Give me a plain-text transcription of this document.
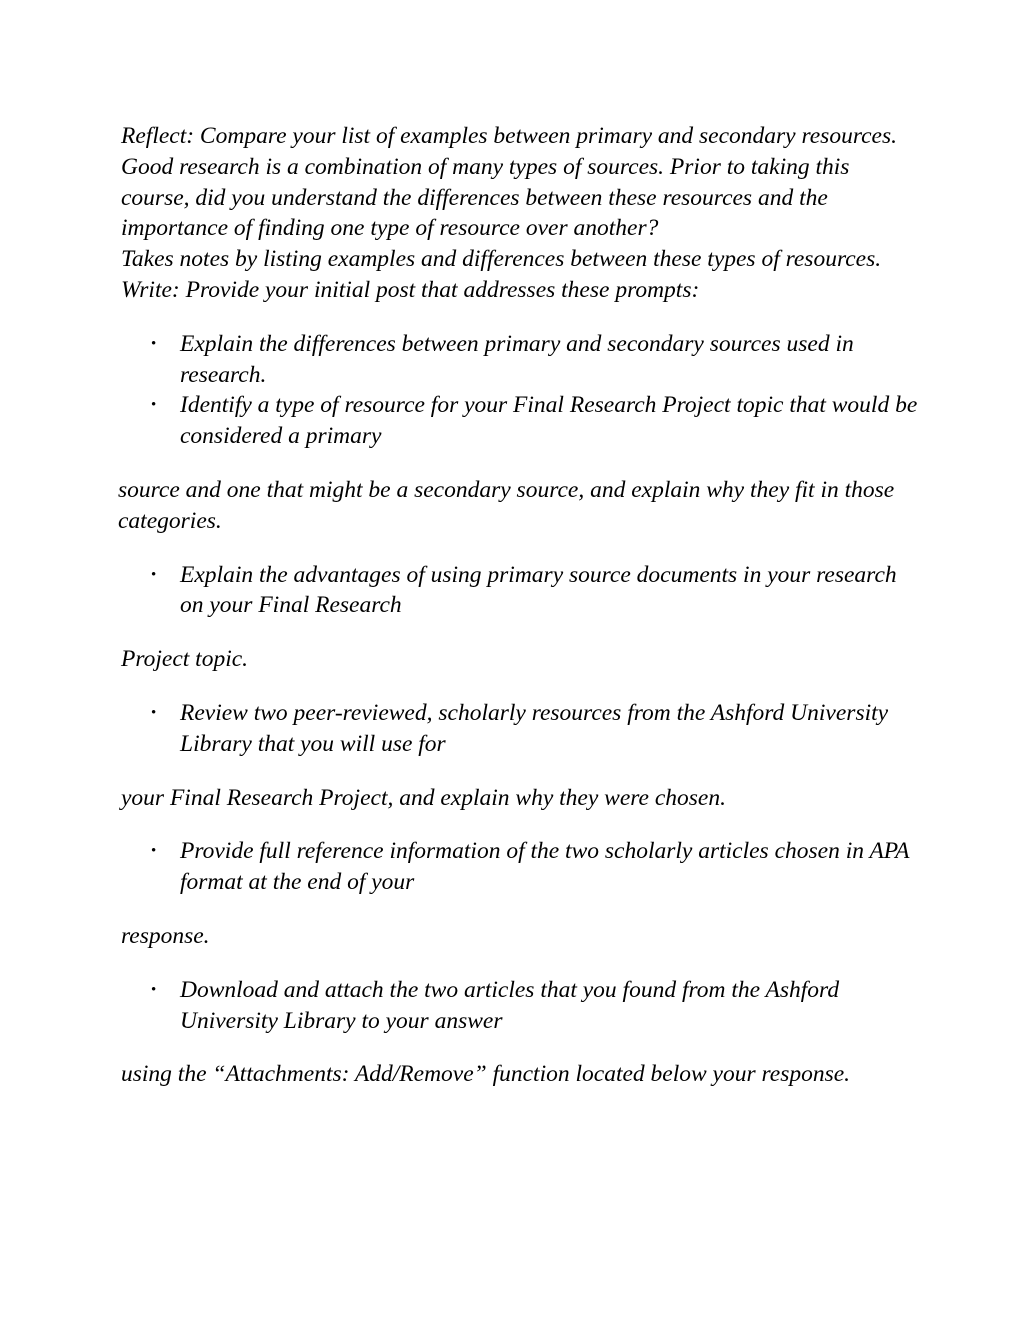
Reflect: Compare your list of examples between primary and secondary resources. Good research is a combination of many types of sources. Prior to taking this course, did you understand the differences between these resources and the importance of finding one type of resource over another?

Takes notes by listing examples and differences between these types of resources.

Write: Provide your initial post that addresses these prompts:

• Explain the differences between primary and secondary sources used in research.
• Identify a type of resource for your Final Research Project topic that would be considered a primary

source and one that might be a secondary source, and explain why they fit in those categories.

• Explain the advantages of using primary source documents in your research on your Final Research

Project topic.

• Review two peer-reviewed, scholarly resources from the Ashford University Library that you will use for

your Final Research Project, and explain why they were chosen.

• Provide full reference information of the two scholarly articles chosen in APA format at the end of your

response.

• Download and attach the two articles that you found from the Ashford University Library to your answer

using the “Attachments: Add/Remove” function located below your response.
